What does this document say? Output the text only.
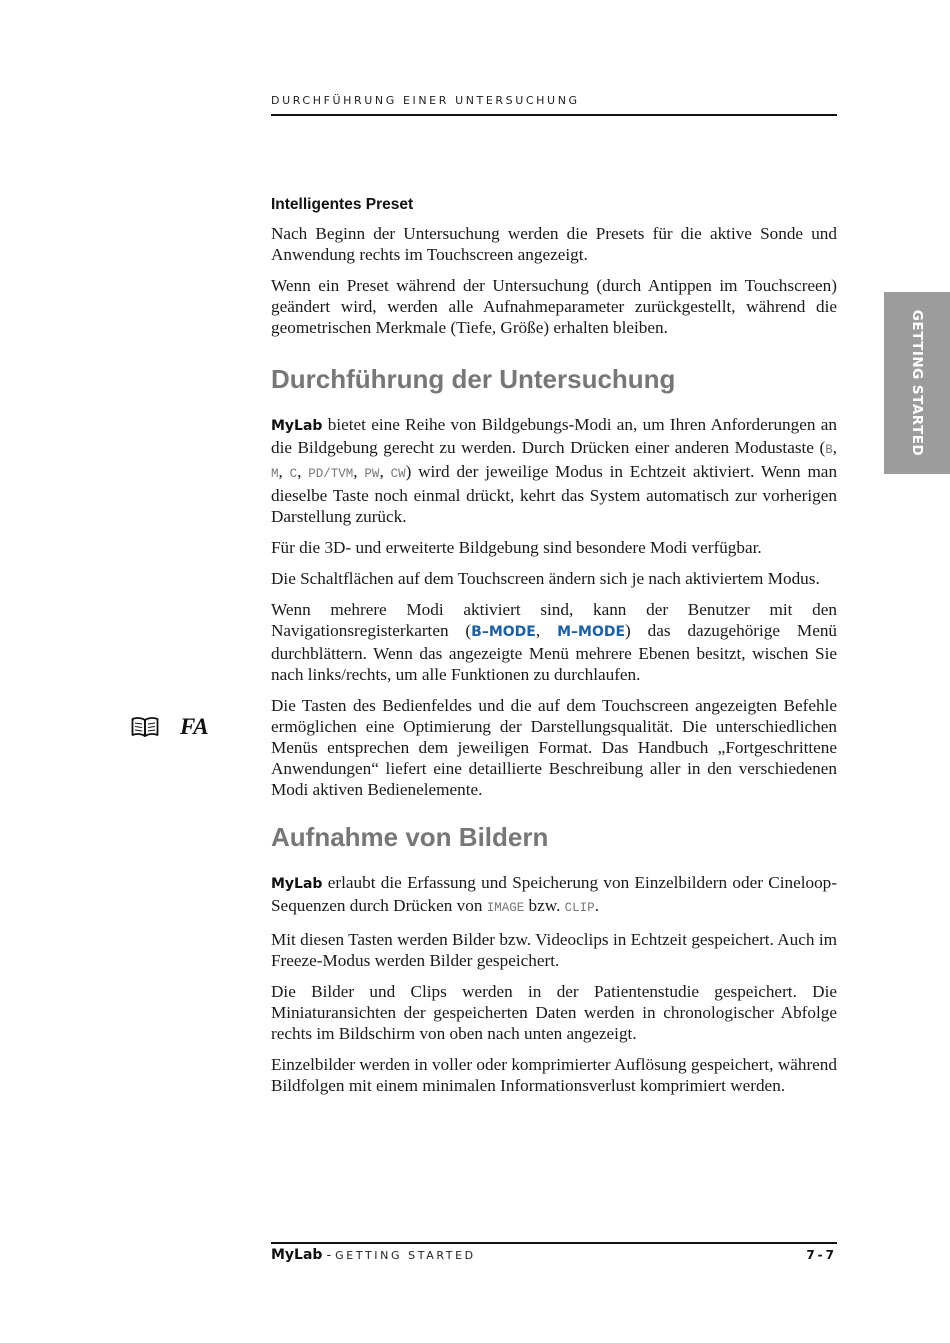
DURCHFÜHRUNG EINER UNTERSUCHUNG
GETTING STARTED
FA
Intelligentes Preset

Nach Beginn der Untersuchung werden die Presets für die aktive Sonde und Anwendung rechts im Touchscreen angezeigt.

Wenn ein Preset während der Untersuchung (durch Antippen im Touchscreen) geändert wird, werden alle Aufnahmeparameter zurückgestellt, während die geometrischen Merkmale (Tiefe, Größe) erhalten bleiben.

Durchführung der Untersuchung

MyLab bietet eine Reihe von Bildgebungs-Modi an, um Ihren Anforderungen an die Bildgebung gerecht zu werden. Durch Drücken einer anderen Modustaste (B, M, C, PD/TVM, PW, CW) wird der jeweilige Modus in Echtzeit aktiviert. Wenn man dieselbe Taste noch einmal drückt, kehrt das System automatisch zur vorherigen Darstellung zurück.

Für die 3D- und erweiterte Bildgebung sind besondere Modi verfügbar.

Die Schaltflächen auf dem Touchscreen ändern sich je nach aktiviertem Modus.

Wenn mehrere Modi aktiviert sind, kann der Benutzer mit den Navigationsregisterkarten (B–MODE, M–MODE) das dazugehörige Menü durchblättern. Wenn das angezeigte Menü mehrere Ebenen besitzt, wischen Sie nach links/rechts, um alle Funktionen zu durchlaufen.

Die Tasten des Bedienfeldes und die auf dem Touchscreen angezeigten Befehle ermöglichen eine Optimierung der Darstellungsqualität. Die unterschiedlichen Menüs entsprechen dem jeweiligen Format. Das Handbuch „Fortgeschrittene Anwendungen“ liefert eine detaillierte Beschreibung aller in den verschiedenen Modi aktiven Bedienelemente.

Aufnahme von Bildern

MyLab erlaubt die Erfassung und Speicherung von Einzelbildern oder Cineloop-Sequenzen durch Drücken von IMAGE bzw. CLIP.

Mit diesen Tasten werden Bilder bzw. Videoclips in Echtzeit gespeichert. Auch im Freeze-Modus werden Bilder gespeichert.

Die Bilder und Clips werden in der Patientenstudie gespeichert. Die Miniaturansichten der gespeicherten Daten werden in chronologischer Abfolge rechts im Bildschirm von oben nach unten angezeigt.

Einzelbilder werden in voller oder komprimierter Auflösung gespeichert, während Bildfolgen mit einem minimalen Informationsverlust komprimiert werden.

MyLab - GETTING STARTED	7-7
